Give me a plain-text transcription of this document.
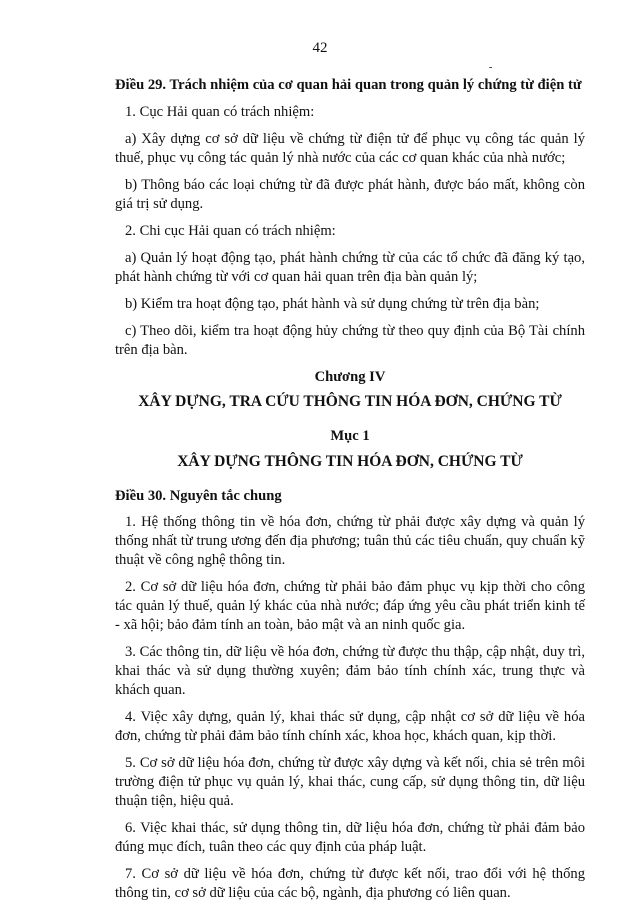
42
-

Điều 29. Trách nhiệm của cơ quan hải quan trong quản lý chứng từ điện tử

1. Cục Hải quan có trách nhiệm:

a) Xây dựng cơ sở dữ liệu về chứng từ điện tử để phục vụ công tác quản lý thuế, phục vụ công tác quản lý nhà nước của các cơ quan khác của nhà nước;

b) Thông báo các loại chứng từ đã được phát hành, được báo mất, không còn giá trị sử dụng.

2. Chi cục Hải quan có trách nhiệm:

a) Quản lý hoạt động tạo, phát hành chứng từ của các tổ chức đã đăng ký tạo, phát hành chứng từ với cơ quan hải quan trên địa bàn quản lý;

b) Kiểm tra hoạt động tạo, phát hành và sử dụng chứng từ trên địa bàn;

c) Theo dõi, kiểm tra hoạt động hủy chứng từ theo quy định của Bộ Tài chính trên địa bàn.

Chương IV

XÂY DỰNG, TRA CỨU THÔNG TIN HÓA ĐƠN, CHỨNG TỪ

Mục 1

XÂY DỰNG THÔNG TIN HÓA ĐƠN, CHỨNG TỪ

Điều 30. Nguyên tắc chung

1. Hệ thống thông tin về hóa đơn, chứng từ phải được xây dựng và quản lý thống nhất từ trung ương đến địa phương; tuân thủ các tiêu chuẩn, quy chuẩn kỹ thuật về công nghệ thông tin.

2. Cơ sở dữ liệu hóa đơn, chứng từ phải bảo đảm phục vụ kịp thời cho công tác quản lý thuế, quản lý khác của nhà nước; đáp ứng yêu cầu phát triển kinh tế - xã hội; bảo đảm tính an toàn, bảo mật và an ninh quốc gia.

3. Các thông tin, dữ liệu về hóa đơn, chứng từ được thu thập, cập nhật, duy trì, khai thác và sử dụng thường xuyên; đảm bảo tính chính xác, trung thực và khách quan.

4. Việc xây dựng, quản lý, khai thác sử dụng, cập nhật cơ sở dữ liệu về hóa đơn, chứng từ phải đảm bảo tính chính xác, khoa học, khách quan, kịp thời.

5. Cơ sở dữ liệu hóa đơn, chứng từ được xây dựng và kết nối, chia sẻ trên môi trường điện tử phục vụ quản lý, khai thác, cung cấp, sử dụng thông tin, dữ liệu thuận tiện, hiệu quả.

6. Việc khai thác, sử dụng thông tin, dữ liệu hóa đơn, chứng từ phải đảm bảo đúng mục đích, tuân theo các quy định của pháp luật.

7. Cơ sở dữ liệu về hóa đơn, chứng từ được kết nối, trao đổi với hệ thống thông tin, cơ sở dữ liệu của các bộ, ngành, địa phương có liên quan.
